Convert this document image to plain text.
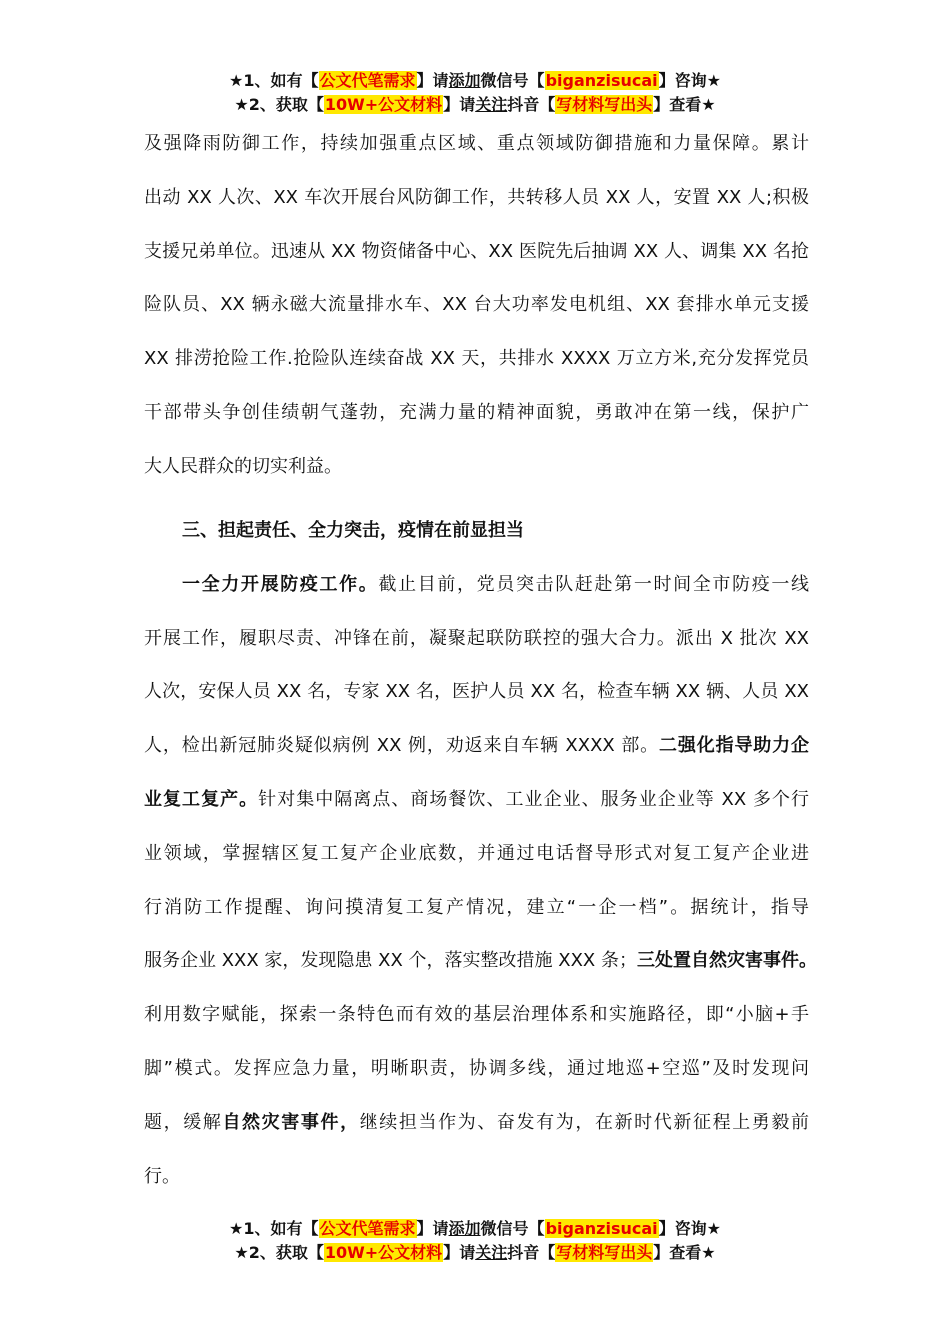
★1、如有【公文代笔需求】请添加微信号【biganzisucai】咨询★
★2、获取【10W+公文材料】请关注抖音【写材料写出头】查看★
及强降雨防御工作，持续加强重点区域、重点领域防御措施和力量保障。累计
出动 XX 人次、XX 车次开展台风防御工作，共转移人员 XX 人，安置 XX 人;积极
支援兄弟单位。迅速从 XX 物资储备中心、XX 医院先后抽调 XX 人、调集 XX 名抢
险队员、XX 辆永磁大流量排水车、XX 台大功率发电机组、XX 套排水单元支援
XX 排涝抢险工作.抢险队连续奋战 XX 天，共排水 XXXX 万立方米,充分发挥党员
干部带头争创佳绩朝气蓬勃，充满力量的精神面貌，勇敢冲在第一线，保护广
大人民群众的切实利益。
三、担起责任、全力突击，疫情在前显担当
一全力开展防疫工作。截止目前，党员突击队赶赴第一时间全市防疫一线
开展工作，履职尽责、冲锋在前，凝聚起联防联控的强大合力。派出 X 批次 XX
人次，安保人员 XX 名，专家 XX 名，医护人员 XX 名，检查车辆 XX 辆、人员 XX
人，检出新冠肺炎疑似病例 XX 例，劝返来自车辆 XXXX 部。二强化指导助力企
业复工复产。针对集中隔离点、商场餐饮、工业企业、服务业企业等 XX 多个行
业领域，掌握辖区复工复产企业底数，并通过电话督导形式对复工复产企业进
行消防工作提醒、询问摸清复工复产情况，建立“一企一档”。据统计，指导
服务企业 XXX 家，发现隐患 XX 个，落实整改措施 XXX 条；三处置自然灾害事件。
利用数字赋能，探索一条特色而有效的基层治理体系和实施路径，即“小脑+手
脚”模式。发挥应急力量，明晰职责，协调多线，通过地巡+空巡”及时发现问
题，缓解自然灾害事件，继续担当作为、奋发有为，在新时代新征程上勇毅前
行。
★1、如有【公文代笔需求】请添加微信号【biganzisucai】咨询★
★2、获取【10W+公文材料】请关注抖音【写材料写出头】查看★
